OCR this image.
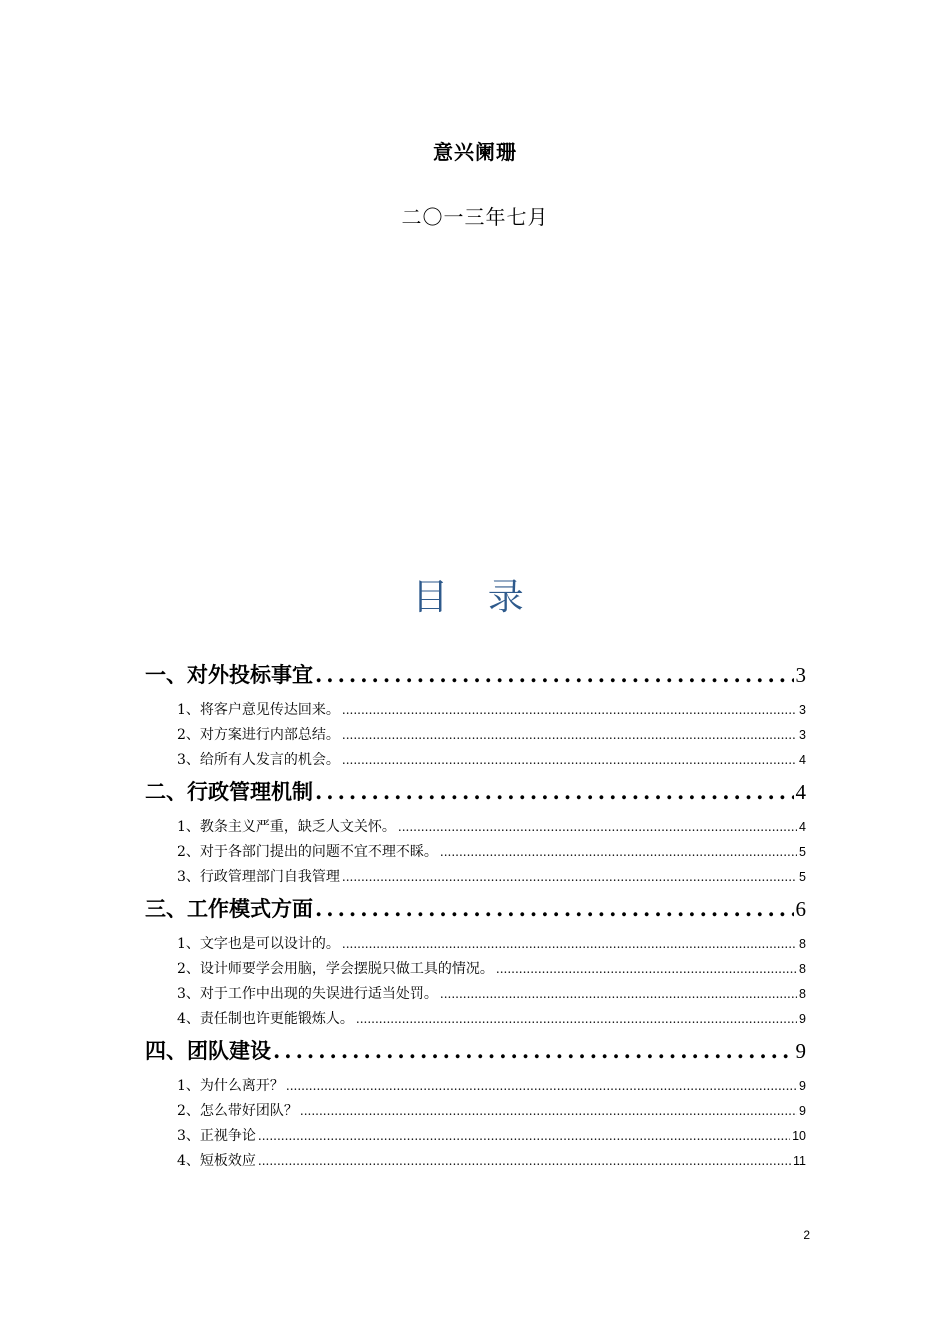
意兴阑珊
二〇一三年七月
目 录
一、对外投标事宜 .....	3
1、将客户意见传达回来。 .....	3
2、对方案进行内部总结。 .....	3
3、给所有人发言的机会。 .....	4
二、行政管理机制 .....	4
1、教条主义严重，缺乏人文关怀。 .....	4
2、对于各部门提出的问题不宜不理不睬。 .....	5
3、行政管理部门自我管理 .....	5
三、工作模式方面 .....	6
1、文字也是可以设计的。 .....	8
2、设计师要学会用脑，学会摆脱只做工具的情况。 .....	8
3、对于工作中出现的失误进行适当处罚。 .....	8
4、责任制也许更能锻炼人。 .....	9
四、团队建设 .....	9
1、为什么离开？ .....	9
2、怎么带好团队？ .....	9
3、正视争论 .....	10
4、短板效应 .....	11
2
